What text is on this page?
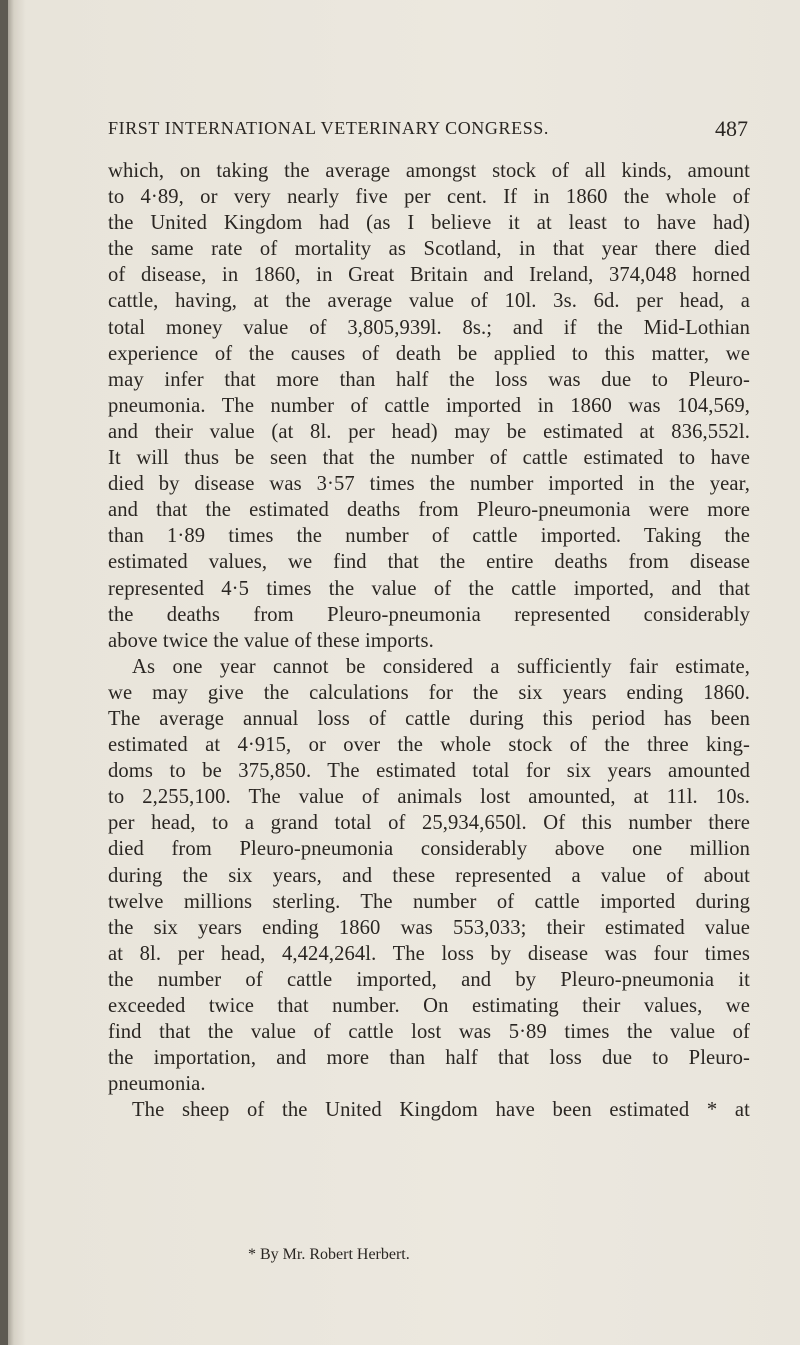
FIRST INTERNATIONAL VETERINARY CONGRESS.	487
which, on taking the average amongst stock of all kinds, amount
to 4·89, or very nearly five per cent. If in 1860 the whole of
the United Kingdom had (as I believe it at least to have had)
the same rate of mortality as Scotland, in that year there died
of disease, in 1860, in Great Britain and Ireland, 374,048 horned
cattle, having, at the average value of 10l. 3s. 6d. per head, a
total money value of 3,805,939l. 8s.; and if the Mid-Lothian
experience of the causes of death be applied to this matter, we
may infer that more than half the loss was due to Pleuro-
pneumonia. The number of cattle imported in 1860 was 104,569,
and their value (at 8l. per head) may be estimated at 836,552l.
It will thus be seen that the number of cattle estimated to have
died by disease was 3·57 times the number imported in the year,
and that the estimated deaths from Pleuro-pneumonia were more
than 1·89 times the number of cattle imported. Taking the
estimated values, we find that the entire deaths from disease
represented 4·5 times the value of the cattle imported, and that
the deaths from Pleuro-pneumonia represented considerably
above twice the value of these imports.
As one year cannot be considered a sufficiently fair estimate,
we may give the calculations for the six years ending 1860.
The average annual loss of cattle during this period has been
estimated at 4·915, or over the whole stock of the three king-
doms to be 375,850. The estimated total for six years amounted
to 2,255,100. The value of animals lost amounted, at 11l. 10s.
per head, to a grand total of 25,934,650l. Of this number there
died from Pleuro-pneumonia considerably above one million
during the six years, and these represented a value of about
twelve millions sterling. The number of cattle imported during
the six years ending 1860 was 553,033; their estimated value
at 8l. per head, 4,424,264l. The loss by disease was four times
the number of cattle imported, and by Pleuro-pneumonia it
exceeded twice that number. On estimating their values, we
find that the value of cattle lost was 5·89 times the value of
the importation, and more than half that loss due to Pleuro-
pneumonia.
The sheep of the United Kingdom have been estimated * at
* By Mr. Robert Herbert.
